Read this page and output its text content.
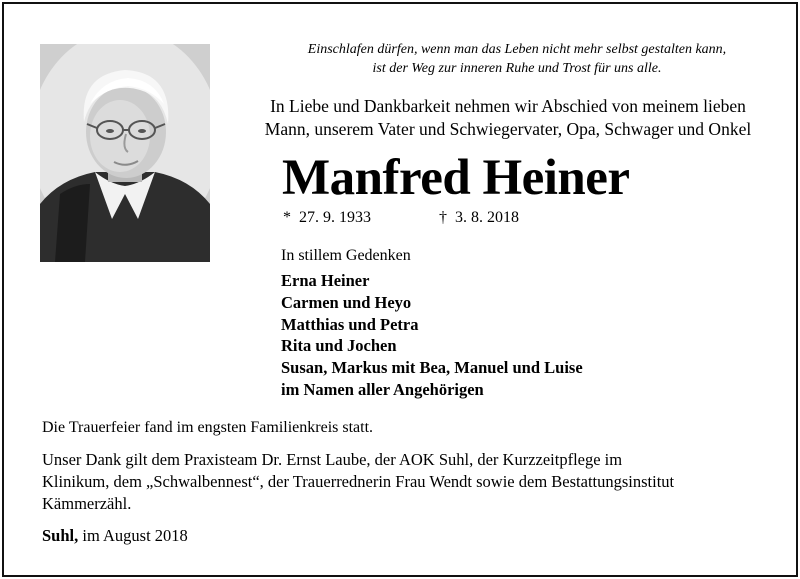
Einschlafen dürfen, wenn man das Leben nicht mehr selbst gestalten kann,
ist der Weg zur inneren Ruhe und Trost für uns alle.
In Liebe und Dankbarkeit nehmen wir Abschied von meinem lieben
Mann, unserem Vater und Schwiegervater, Opa, Schwager und Onkel
Manfred Heiner
* 27. 9. 1933	† 3. 8. 2018
In stillem Gedenken
Erna Heiner
Carmen und Heyo
Matthias und Petra
Rita und Jochen
Susan, Markus mit Bea, Manuel und Luise
im Namen aller Angehörigen
Die Trauerfeier fand im engsten Familienkreis statt.
Unser Dank gilt dem Praxisteam Dr. Ernst Laube, der AOK Suhl, der Kurzzeitpflege im
Klinikum, dem „Schwalbennest“, der Trauerrednerin Frau Wendt sowie dem Bestattungsinstitut
Kämmerzähl.
Suhl, im August 2018
